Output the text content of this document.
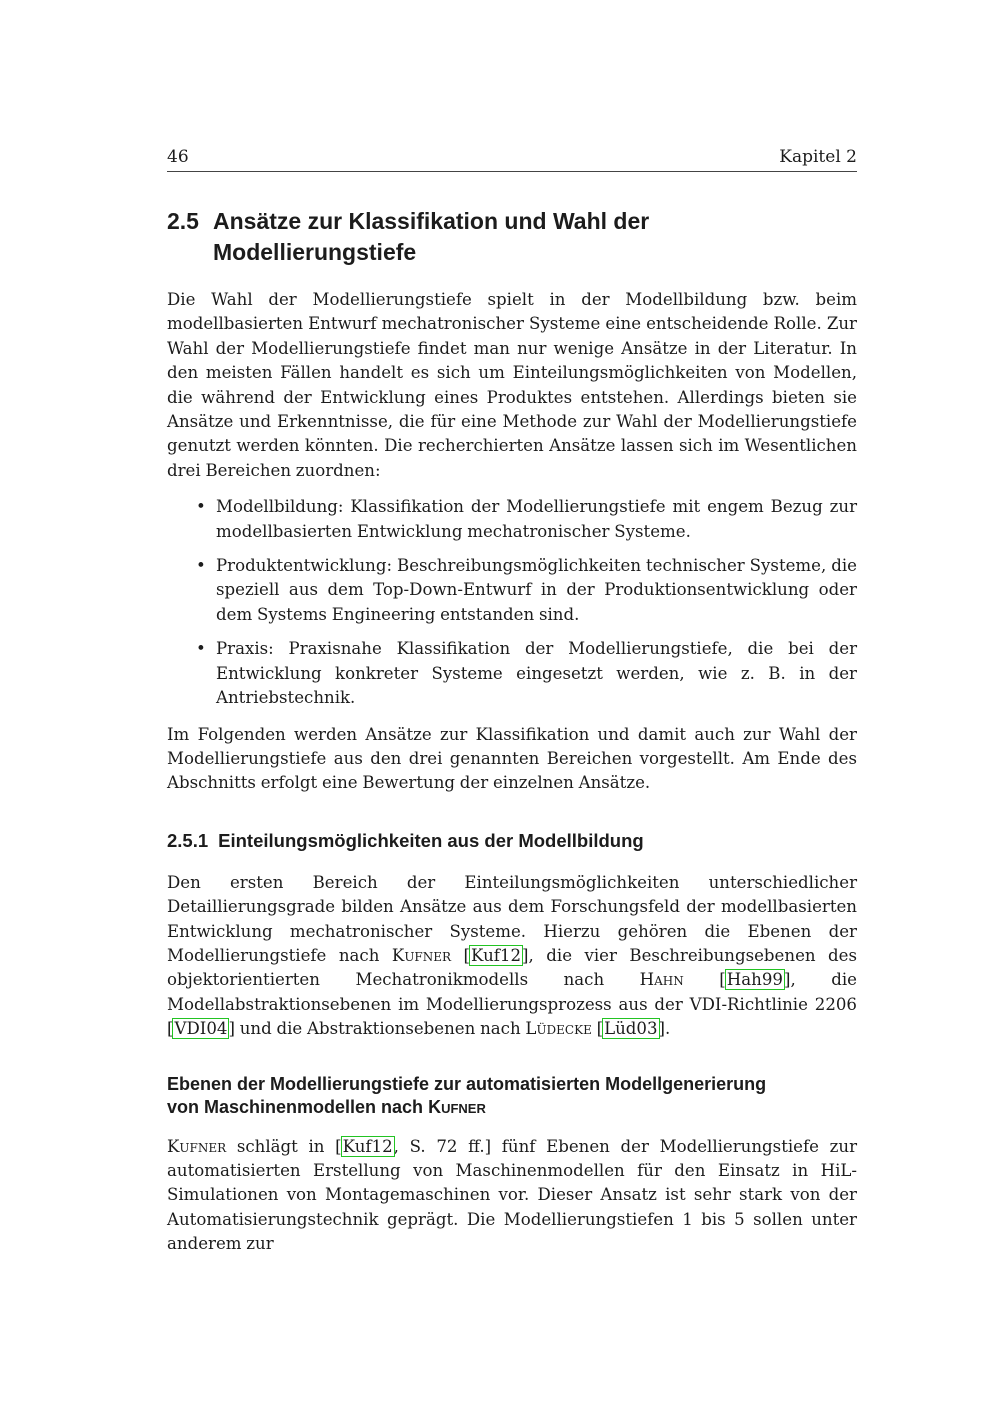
46	Kapitel 2
2.5 Ansätze zur Klassifikation und Wahl der
Modellierungstiefe

Die Wahl der Modellierungstiefe spielt in der Modellbildung bzw. beim modellbasierten Entwurf mechatronischer Systeme eine entscheidende Rolle. Zur Wahl der Modellierungstiefe findet man nur wenige Ansätze in der Literatur. In den meisten Fällen handelt es sich um Einteilungsmöglichkeiten von Modellen, die während der Entwicklung eines Produktes entstehen. Allerdings bieten sie Ansätze und Erkenntnisse, die für eine Methode zur Wahl der Modellierungstiefe genutzt werden könnten. Die recherchierten Ansätze lassen sich im Wesentlichen drei Bereichen zuordnen:

• Modellbildung: Klassifikation der Modellierungstiefe mit engem Bezug zur modellbasierten Entwicklung mechatronischer Systeme.
• Produktentwicklung: Beschreibungsmöglichkeiten technischer Systeme, die speziell aus dem Top-Down-Entwurf in der Produktionsentwicklung oder dem Systems Engineering entstanden sind.
• Praxis: Praxisnahe Klassifikation der Modellierungstiefe, die bei der Entwicklung konkreter Systeme eingesetzt werden, wie z. B. in der Antriebstechnik.

Im Folgenden werden Ansätze zur Klassifikation und damit auch zur Wahl der Modellierungstiefe aus den drei genannten Bereichen vorgestellt. Am Ende des Abschnitts erfolgt eine Bewertung der einzelnen Ansätze.

2.5.1 Einteilungsmöglichkeiten aus der Modellbildung

Den ersten Bereich der Einteilungsmöglichkeiten unterschiedlicher Detaillierungsgrade bilden Ansätze aus dem Forschungsfeld der modellbasierten Entwicklung mechatronischer Systeme. Hierzu gehören die Ebenen der Modellierungstiefe nach Kufner [Kuf12], die vier Beschreibungsebenen des objektorientierten Mechatronikmodells nach Hahn [Hah99], die Modellabstraktionsebenen im Modellierungsprozess aus der VDI-Richtlinie 2206 [VDI04] und die Abstraktionsebenen nach Lüdecke [Lüd03].

Ebenen der Modellierungstiefe zur automatisierten Modellgenerierung
von Maschinenmodellen nach Kufner

Kufner schlägt in [Kuf12, S. 72 ff.] fünf Ebenen der Modellierungstiefe zur automatisierten Erstellung von Maschinenmodellen für den Einsatz in HiL-Simulationen von Montagemaschinen vor. Dieser Ansatz ist sehr stark von der Automatisierungstechnik geprägt. Die Modellierungstiefen 1 bis 5 sollen unter anderem zur
